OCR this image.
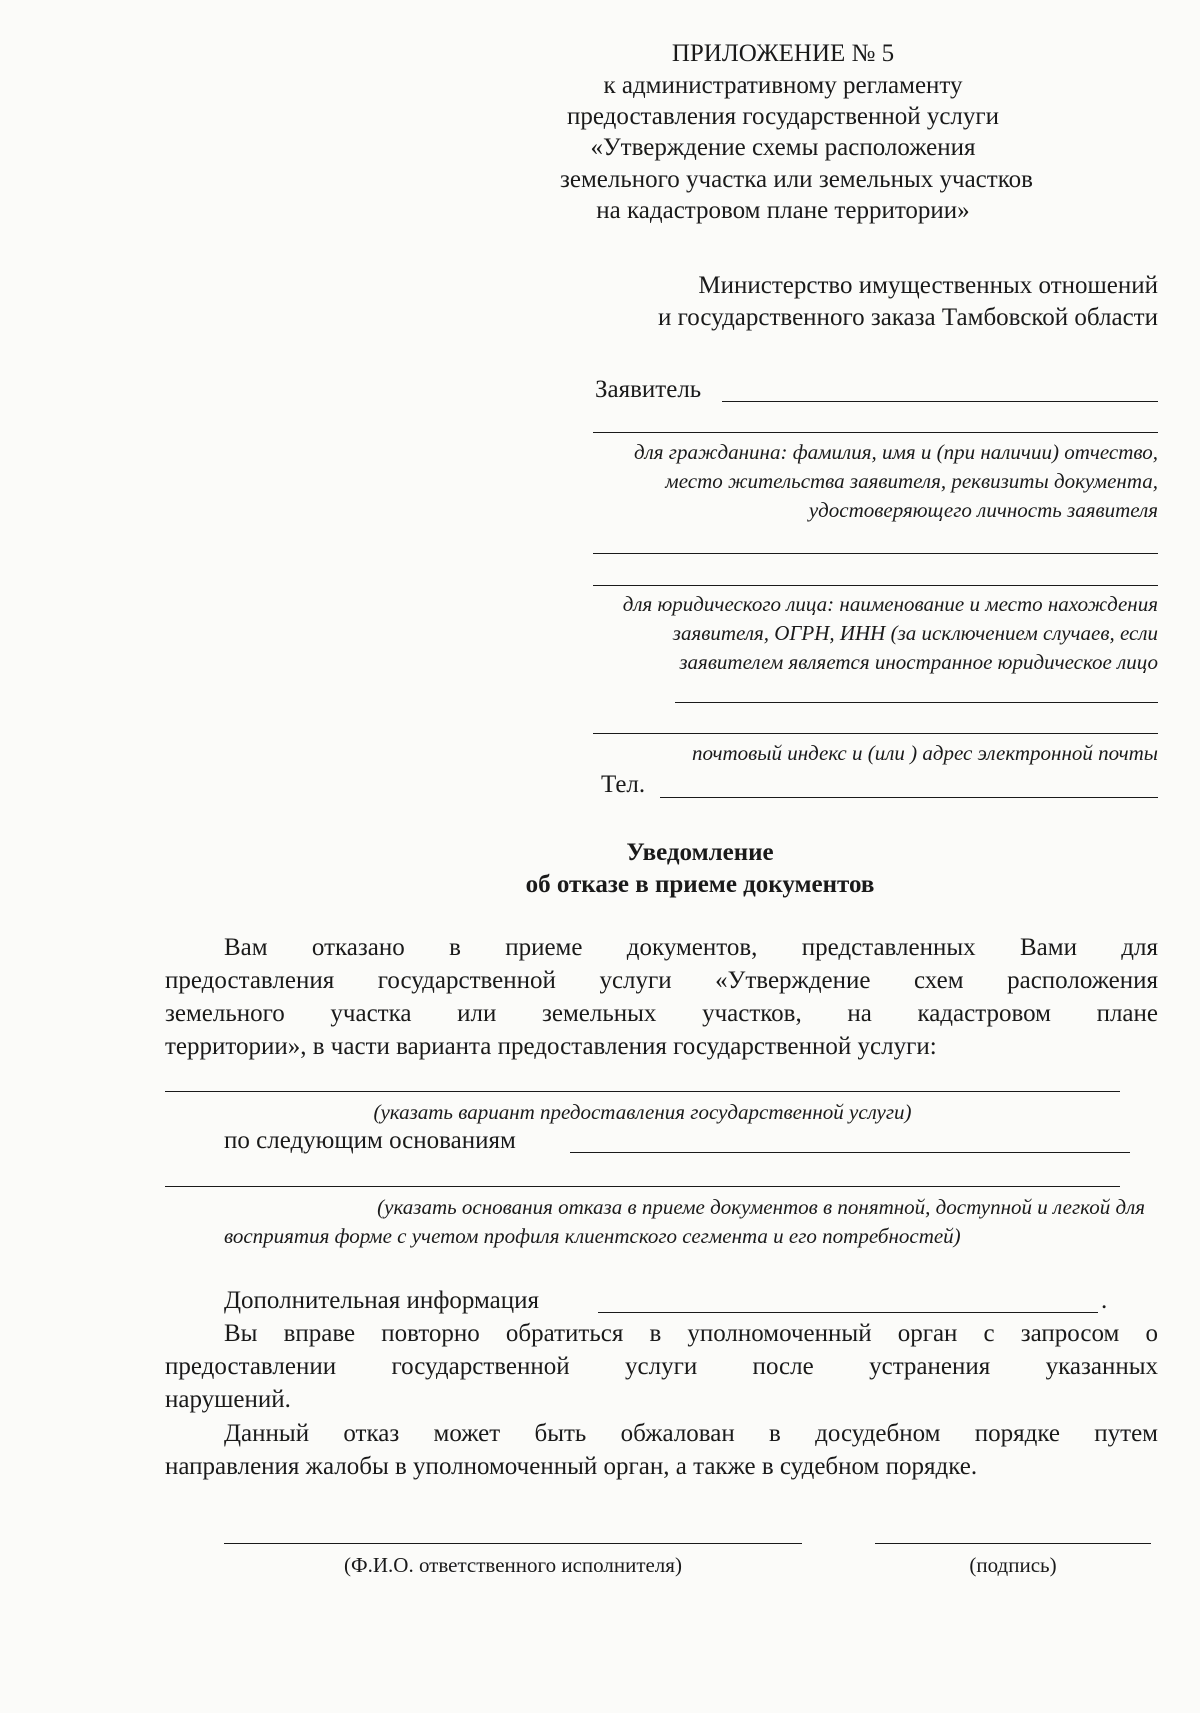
ПРИЛОЖЕНИЕ № 5
к административному регламенту
предоставления государственной услуги
«Утверждение схемы расположения
земельного участка или земельных участков
на кадастровом плане территории»
Министерство имущественных отношений
и государственного заказа Тамбовской области
Заявитель
для гражданина: фамилия, имя и (при наличии) отчество,
место жительства заявителя, реквизиты документа,
удостоверяющего личность заявителя
для юридического лица: наименование и место нахождения
заявителя, ОГРН, ИНН (за исключением случаев, если
заявителем является иностранное юридическое лицо
почтовый индекс и (или ) адрес электронной почты
Тел.
Уведомление
об отказе в приеме документов
Вам отказано в приеме документов, представленных Вами для
предоставления государственной услуги «Утверждение схем расположения
земельного участка или земельных участков, на кадастровом плане
территории», в части варианта предоставления государственной услуги:
(указать вариант предоставления государственной услуги)
по следующим основаниям
(указать основания отказа в приеме документов в понятной, доступной и легкой для
восприятия форме с учетом профиля клиентского сегмента и его потребностей)
Дополнительная информация	.
Вы вправе повторно обратиться в уполномоченный орган с запросом о
предоставлении государственной услуги после устранения указанных
нарушений.
Данный отказ может быть обжалован в досудебном порядке путем
направления жалобы в уполномоченный орган, а также в судебном порядке.
(Ф.И.О. ответственного исполнителя)	(подпись)
